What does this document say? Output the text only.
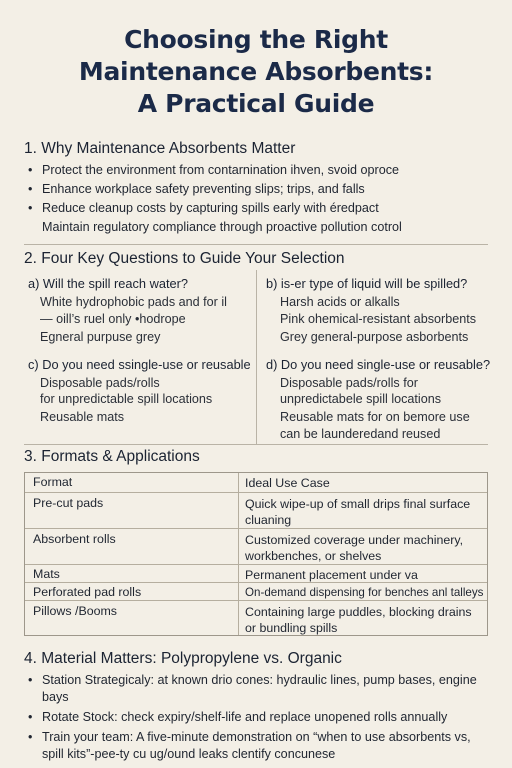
Choosing the Right
Maintenance Absorbents:
A Practical Guide
1. Why Maintenance Absorbents Matter
• Protect the environment from contarnination ihven, svoid oproce
• Enhance workplace safety preventing slips; trips, and falls
• Reduce cleanup costs by capturing spills early with éredpact
Maintain regulatory compliance through proactive pollution cotrol
2. Four Key Questions to Guide Your Selection
a) Will the spill reach water?
White hydrophobic pads and for il
— oill’s ruel only •hodrope
Egneral purpuse grey
b) is-er type of liquid will be spilled?
Harsh acids or alkalls
Pink ohemical-resistant absorbents
Grey general-purpose asborbents
c) Do you need ssingle-use or reusable
Disposable pads/rolls
for unpredictable spill locations
Reusable mats
d) Do you need single-use or reusable?
Disposable pads/rolls for
unpredictabele spill locations
Reusable mats for on bemore use
can be launderedand reused
3. Formats & Applications
Format	Ideal Use Case
Pre-cut pads	Quick wipe-up of small drips final surface cluaning
Absorbent rolls	Customized coverage under machinery, workbenches, or shelves
Mats	Permanent placement under va
Perforated pad rolls	On-demand dispensing for benches anl talleys
Pillows /Booms	Containing large puddles, blocking drains or bundling spills
4. Material Matters: Polypropylene vs. Organic
• Station Strategicaly: at known drio cones: hydraulic lines, pump bases, engine bays
• Rotate Stock: check expiry/shelf-life and replace unopened rolls annually
• Train your team: A five-minute demonstration on “when to use absorbents vs, spill kits”-pee-ty cu ug/ound leaks clentify concunese
